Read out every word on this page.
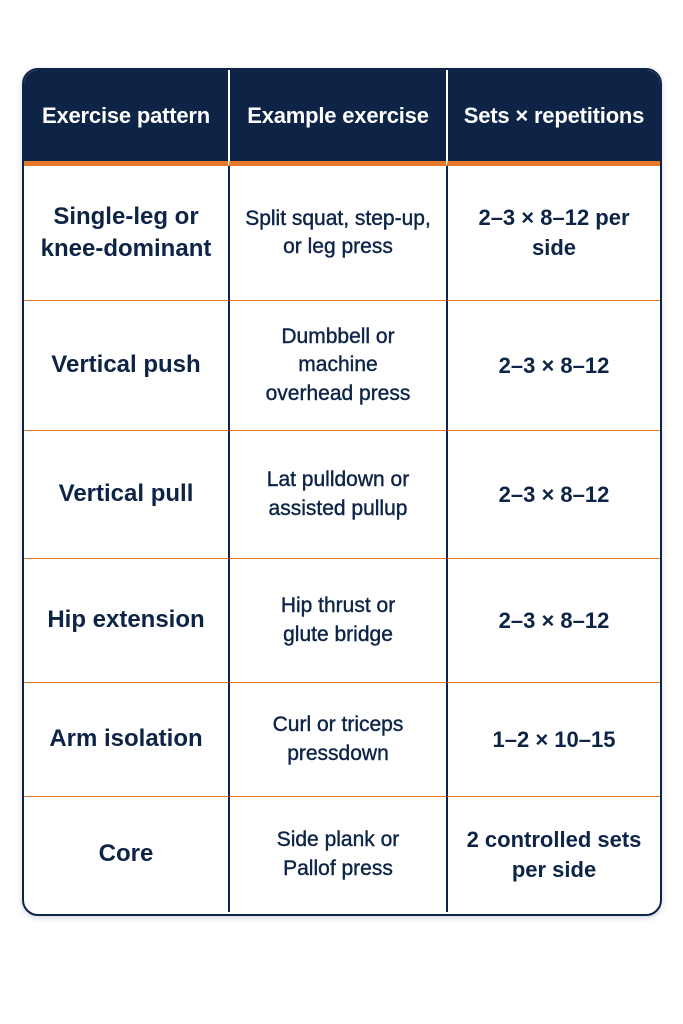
Exercise pattern	Example exercise	Sets × repetitions
Single-leg or
knee-dominant
Split squat, step-up,
or leg press
2–3 × 8–12 per side
Vertical push
Dumbbell or machine
overhead press
2–3 × 8–12
Vertical pull
Lat pulldown or
assisted pullup
2–3 × 8–12
Hip extension
Hip thrust or
glute bridge
2–3 × 8–12
Arm isolation
Curl or triceps
pressdown
1–2 × 10–15
Core
Side plank or
Pallof press
2 controlled sets
per side
